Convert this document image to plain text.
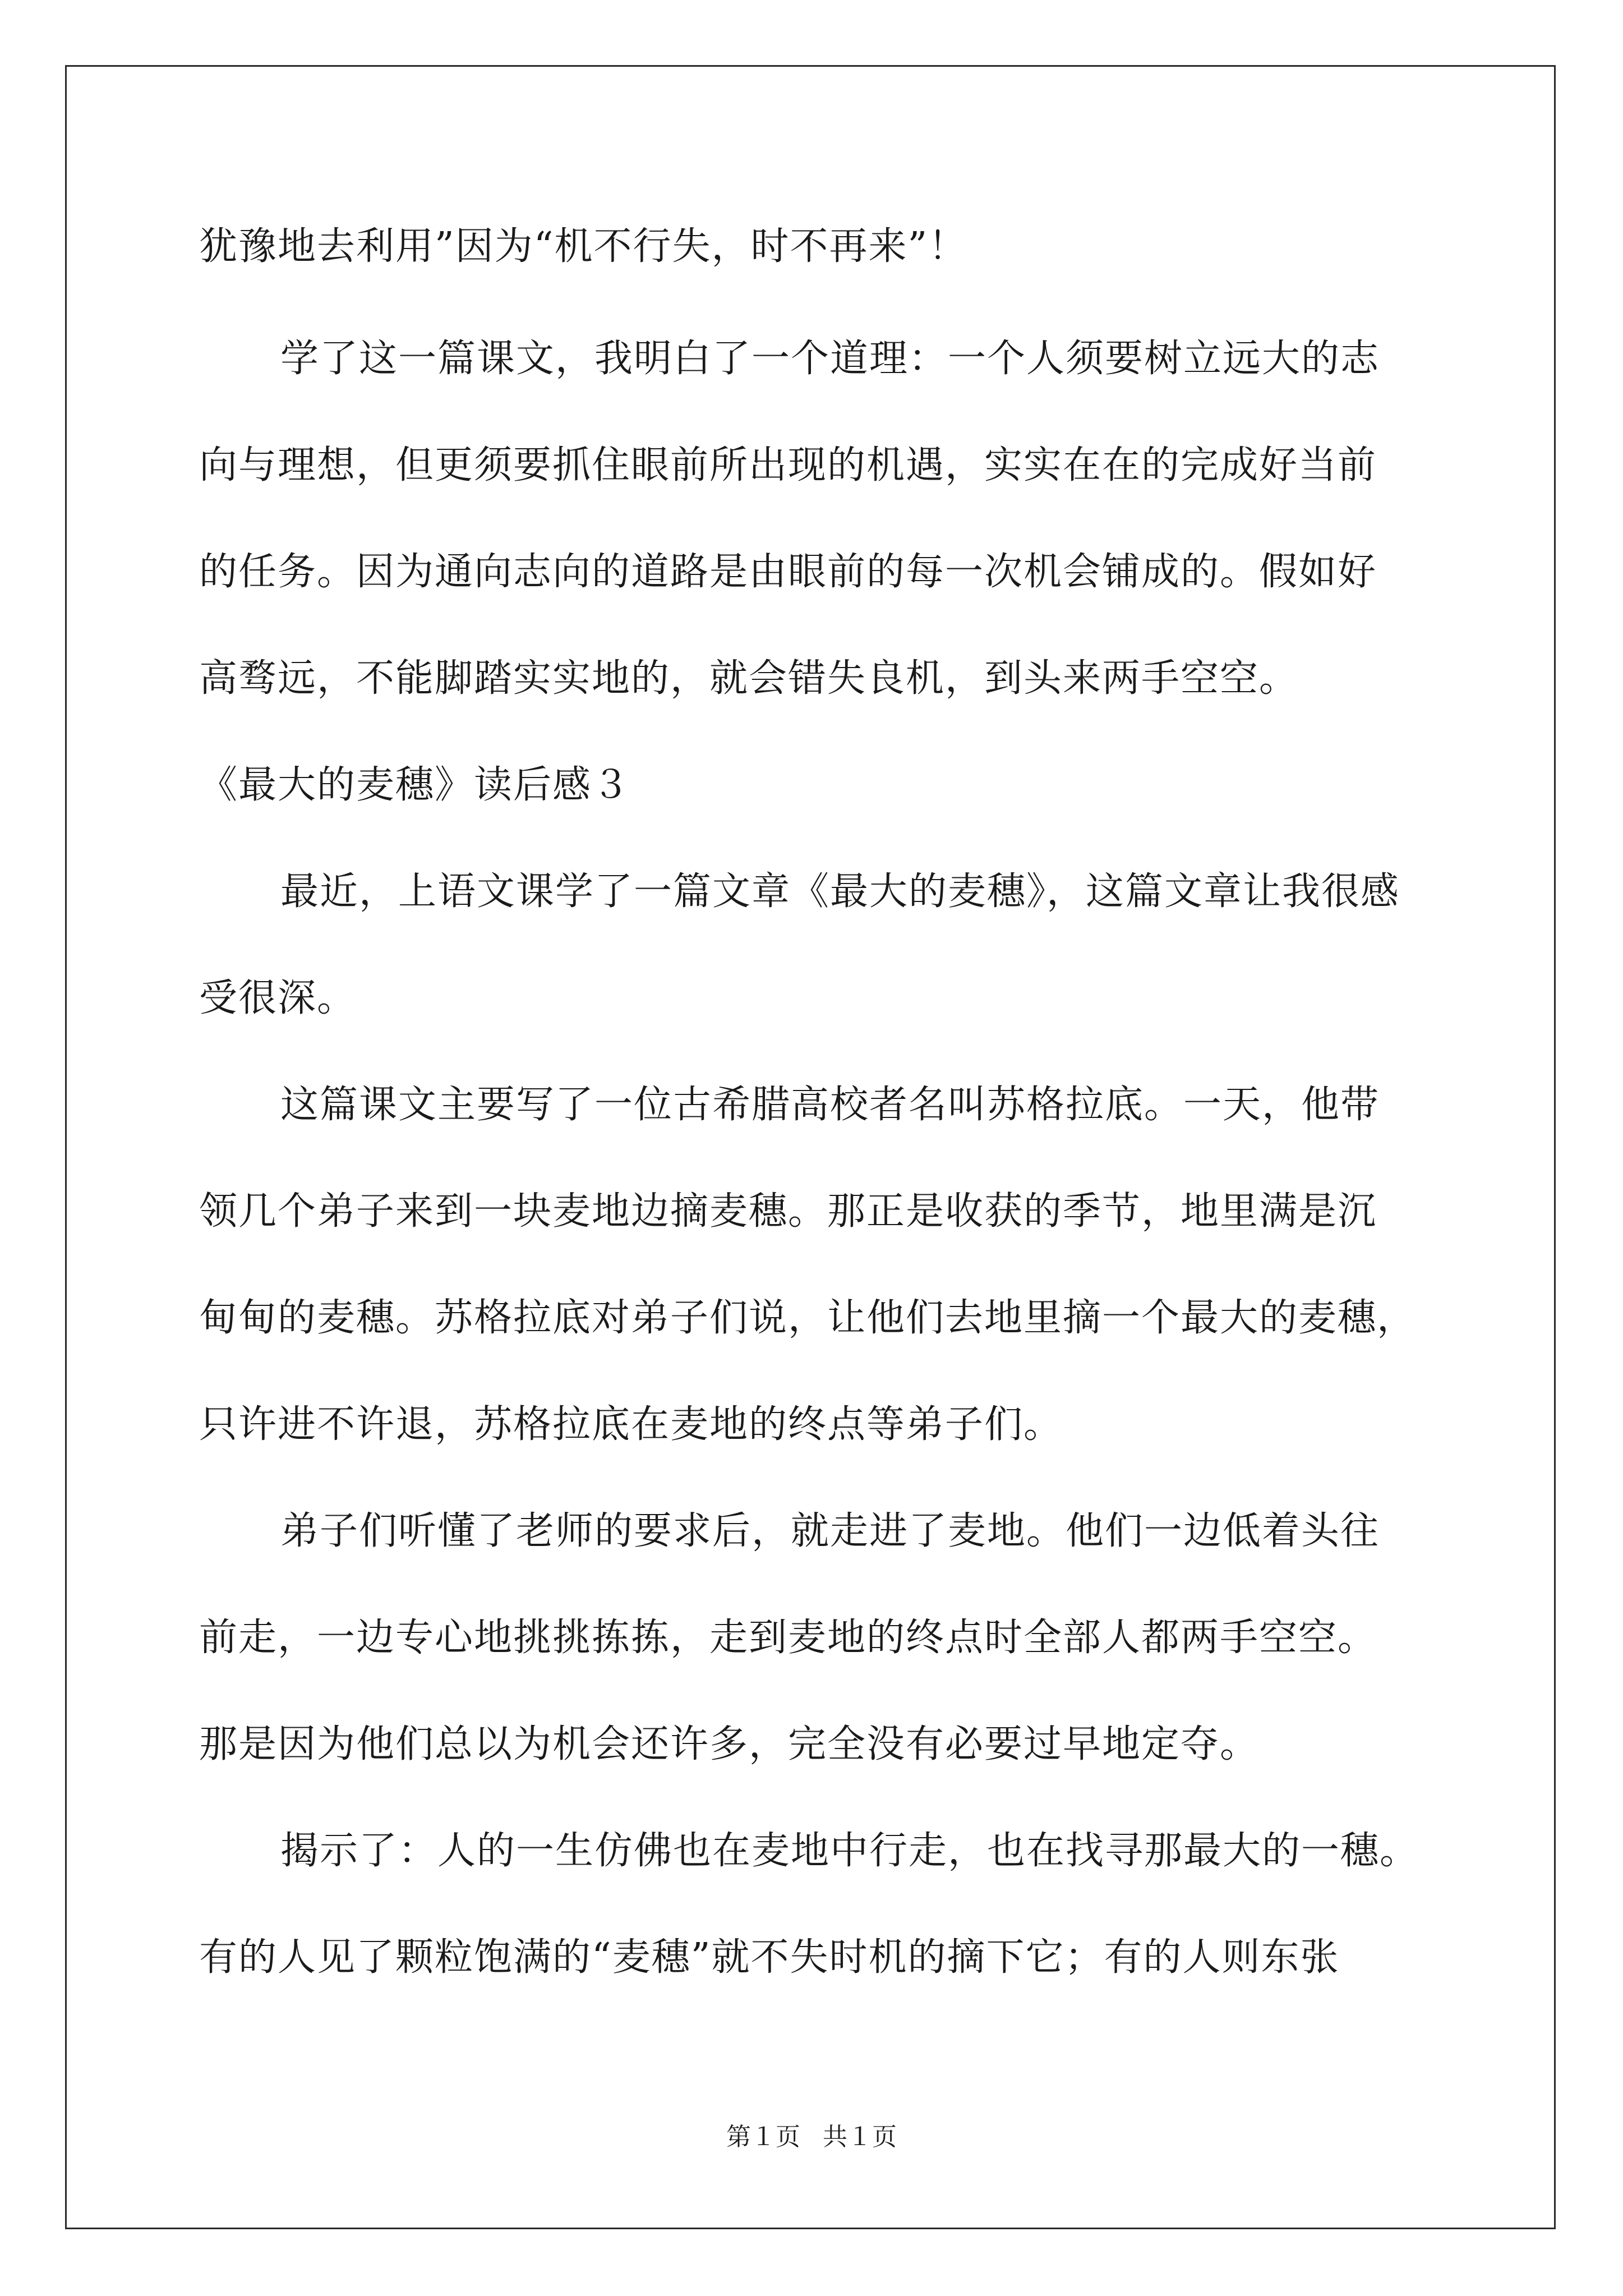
犹豫地去利用”因为“机不行失，时不再来”！
学了这一篇课文，我明白了一个道理：一个人须要树立远大的志
向与理想，但更须要抓住眼前所出现的机遇，实实在在的完成好当前
的任务。因为通向志向的道路是由眼前的每一次机会铺成的。假如好
高骛远，不能脚踏实实地的，就会错失良机，到头来两手空空。
《最大的麦穗》读后感３
最近，上语文课学了一篇文章《最大的麦穗》，这篇文章让我很感
受很深。
这篇课文主要写了一位古希腊高校者名叫苏格拉底。一天，他带
领几个弟子来到一块麦地边摘麦穗。那正是收获的季节，地里满是沉
甸甸的麦穗。苏格拉底对弟子们说，让他们去地里摘一个最大的麦穗，
只许进不许退，苏格拉底在麦地的终点等弟子们。
弟子们听懂了老师的要求后，就走进了麦地。他们一边低着头往
前走，一边专心地挑挑拣拣，走到麦地的终点时全部人都两手空空。
那是因为他们总以为机会还许多，完全没有必要过早地定夺。
揭示了：人的一生仿佛也在麦地中行走，也在找寻那最大的一穗。
有的人见了颗粒饱满的“麦穗”就不失时机的摘下它；有的人则东张
第１页 共１页
